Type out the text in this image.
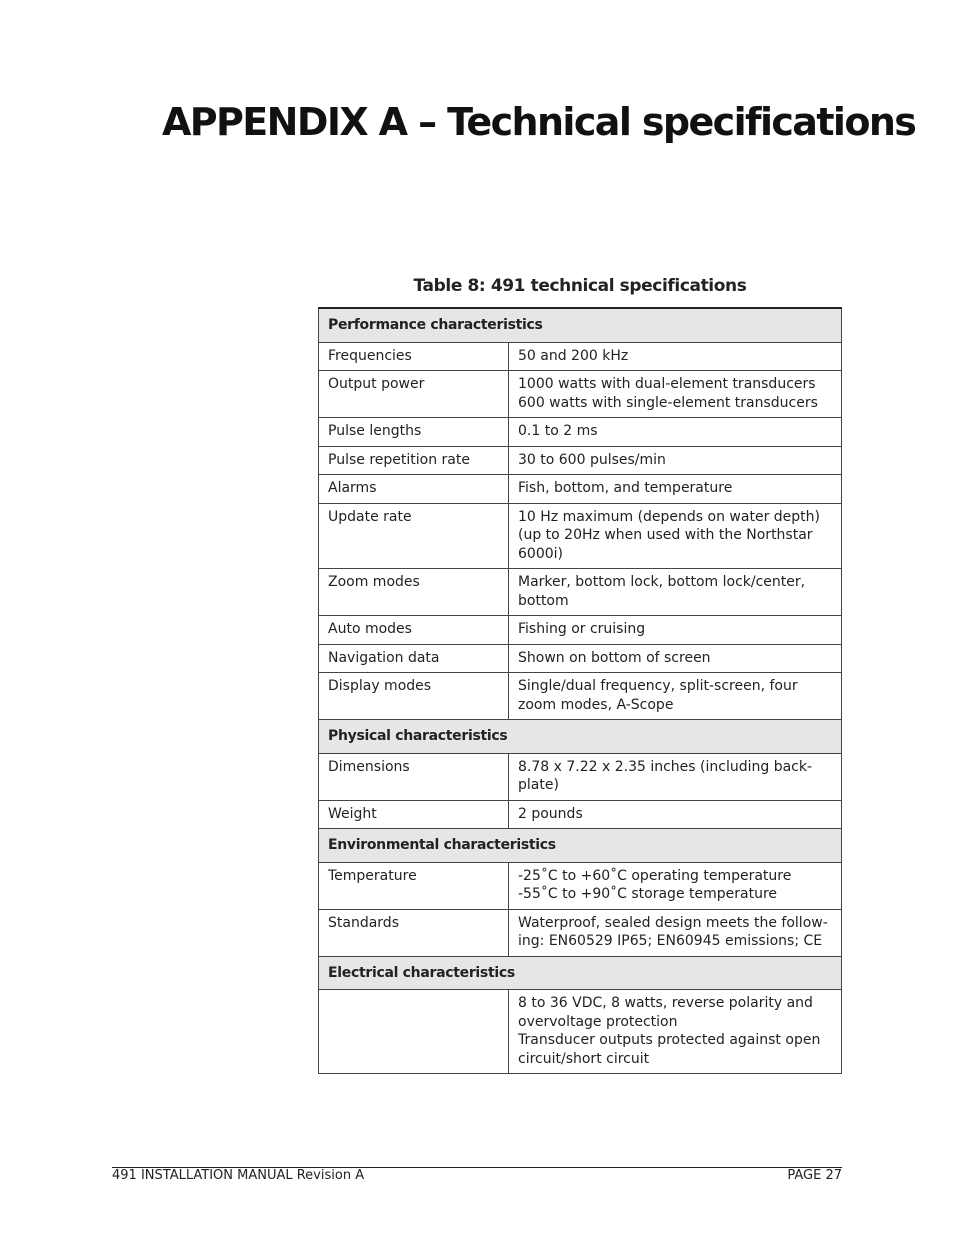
APPENDIX A – Technical specifications
Table 8: 491 technical specifications
Performance characteristics	
Frequencies	50 and 200 kHz

Output power	1000 watts with dual-element transducers
600 watts with single-element transducers

Pulse lengths	0.1 to 2 ms

Pulse repetition rate	30 to 600 pulses/min

Alarms	Fish, bottom, and temperature

Update rate	10 Hz maximum (depends on water depth) (up to 20Hz when used with the Northstar 6000i)

Zoom modes	Marker, bottom lock, bottom lock/center, bottom

Auto modes	Fishing or cruising

Navigation data	Shown on bottom of screen

Display modes	Single/dual frequency, split-screen, four zoom modes, A-Scope

Physical characteristics	
Dimensions	8.78 x 7.22 x 2.35 inches (including back-plate)

Weight	2 pounds

Environmental characteristics	
Temperature	-25˚C to +60˚C operating temperature
-55˚C to +90˚C storage temperature

Standards	Waterproof, sealed design meets the follow-ing: EN60529 IP65; EN60945 emissions; CE

Electrical characteristics	

	8 to 36 VDC, 8 watts, reverse polarity and overvoltage protection
Transducer outputs protected against open circuit/short circuit
491 INSTALLATION MANUAL Revision A	PAGE 27
